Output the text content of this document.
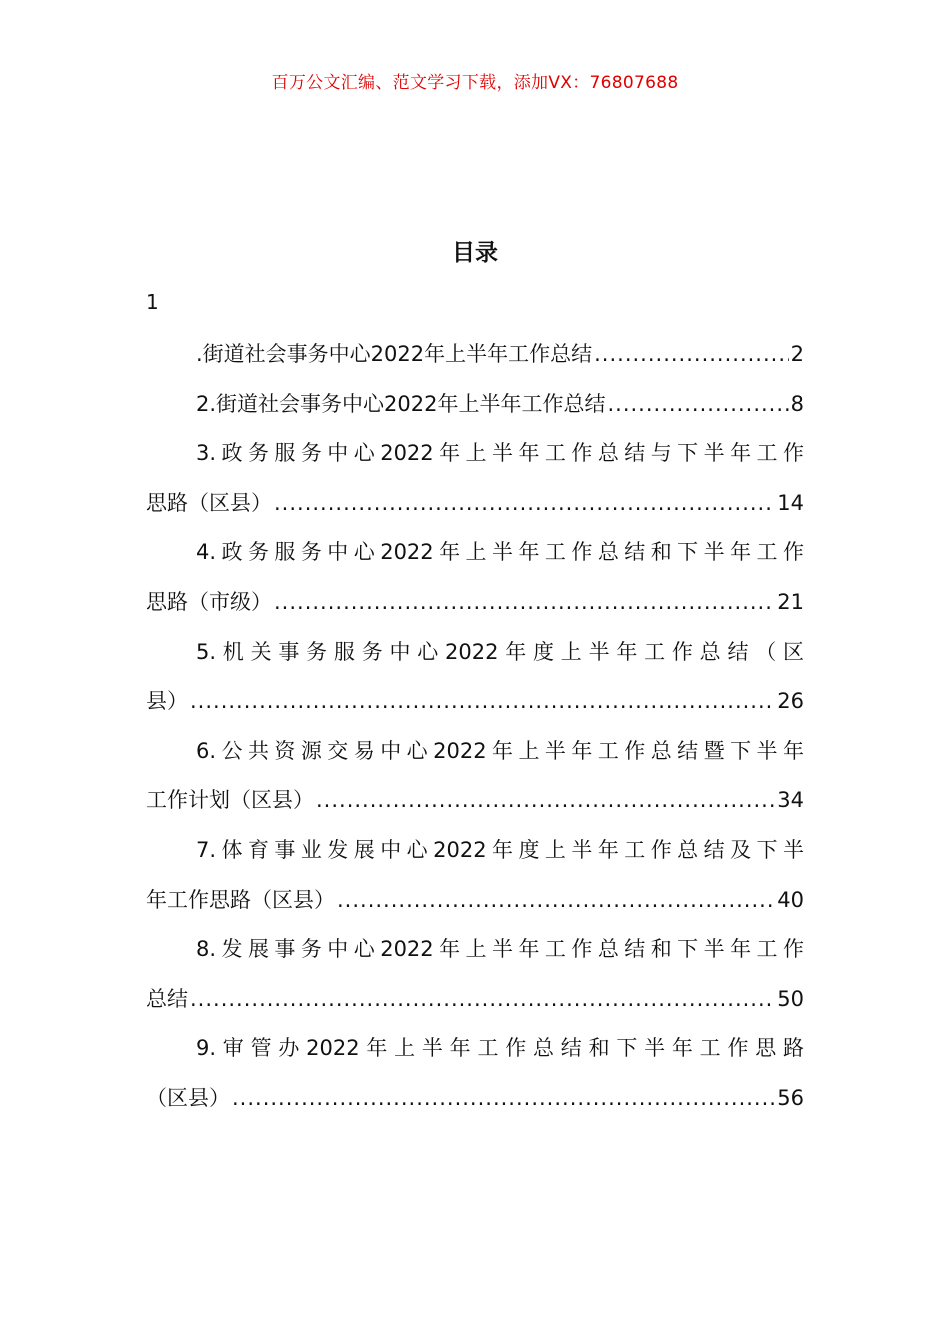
百万公文汇编、范文学习下载，添加VX：76807688
目录
1
.街道社会事务中心2022年上半年工作总结 .....	2
2.街道社会事务中心2022年上半年工作总结 .....	8
3.政务服务中心2022年上半年工作总结与下半年工作
思路（区县） .....	14
4.政务服务中心2022年上半年工作总结和下半年工作
思路（市级） .....	21
5.机关事务服务中心2022年度上半年工作总结（区
县） .....	26
6.公共资源交易中心2022年上半年工作总结暨下半年
工作计划（区县） .....	34
7.体育事业发展中心2022年度上半年工作总结及下半
年工作思路（区县） .....	40
8.发展事务中心2022年上半年工作总结和下半年工作
总结 .....	50
9.审管办2022年上半年工作总结和下半年工作思路
（区县） .....	56
